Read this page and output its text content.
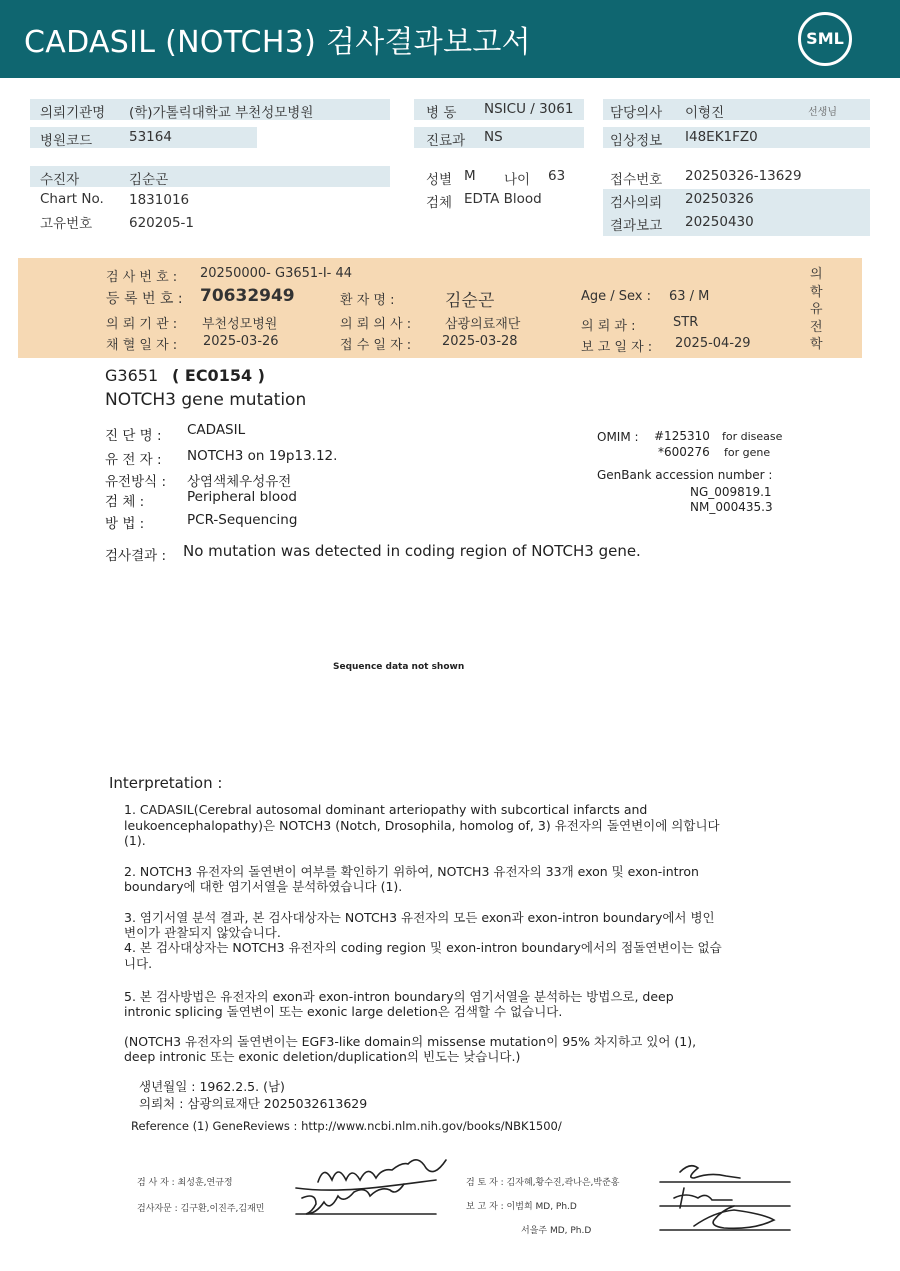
CADASIL (NOTCH3) 검사결과보고서	SML
의뢰기관명 (학)가톨릭대학교 부천성모병원
병원코드	53164
병 동 NSICU / 3061
진료과 NS
담당의사 이형진	선생님
임상정보 I48EK1FZ0
수진자	김순곤
Chart No. 1831016
고유번호	620205-1
성별 M 나이 63
검체 EDTA Blood
접수번호 20250326-13629
검사의뢰 20250326
결과보고 20250430
검 사 번 호 : 20250000- G3651-I- 44
등 록 번 호 : 70632949	환 자 명 :	김순곤	Age / Sex : 63 / M
의 뢰 기 관 : 부천성모병원	의 뢰 의 사 :	삼광의료재단	의 뢰 과 :	STR
채 혈 일 자 : 2025-03-26	접 수 일 자 : 2025-03-28	보 고 일 자 : 2025-04-29
의학유전학
G3651 ( EC0154 )
NOTCH3 gene mutation
진 단 명 : CADASIL
유 전 자 : NOTCH3 on 19p13.12.
유전방식 : 상염색체우성유전
검 체 :	Peripheral blood
방 법 :	PCR-Sequencing
OMIM : #125310 for disease
*600276 for gene
GenBank accession number :
NG_009819.1
NM_000435.3
검사결과 : No mutation was detected in coding region of NOTCH3 gene.
Sequence data not shown
Interpretation :

1. CADASIL(Cerebral autosomal dominant arteriopathy with subcortical infarcts and

leukoencephalopathy)은 NOTCH3 (Notch, Drosophila, homolog of, 3) 유전자의 돌연변이에 의합니다

(1).

2. NOTCH3 유전자의 돌연변이 여부를 확인하기 위하여, NOTCH3 유전자의 33개 exon 및 exon-intron

boundary에 대한 염기서열을 분석하였습니다 (1).

3. 염기서열 분석 결과, 본 검사대상자는 NOTCH3 유전자의 모든 exon과 exon-intron boundary에서 병인

변이가 관찰되지 않았습니다.

4. 본 검사대상자는 NOTCH3 유전자의 coding region 및 exon-intron boundary에서의 점돌연변이는 없습

니다.

5. 본 검사방법은 유전자의 exon과 exon-intron boundary의 염기서열을 분석하는 방법으로, deep

intronic splicing 돌연변이 또는 exonic large deletion은 검색할 수 없습니다.

(NOTCH3 유전자의 돌연변이는 EGF3-like domain의 missense mutation이 95% 차지하고 있어 (1),

deep intronic 또는 exonic deletion/duplication의 빈도는 낮습니다.)

생년월일 : 1962.2.5. (남)

의뢰처 : 삼광의료재단 2025032613629

Reference (1) GeneReviews : http://www.ncbi.nlm.nih.gov/books/NBK1500/

검 사 자 : 최성훈,연규정
검사자문 : 김구환,이진주,김재민
검 토 자 : 김자혜,황수진,곽나은,박준홍
보 고 자 : 이범희 MD, Ph.D
서을주 MD, Ph.D
